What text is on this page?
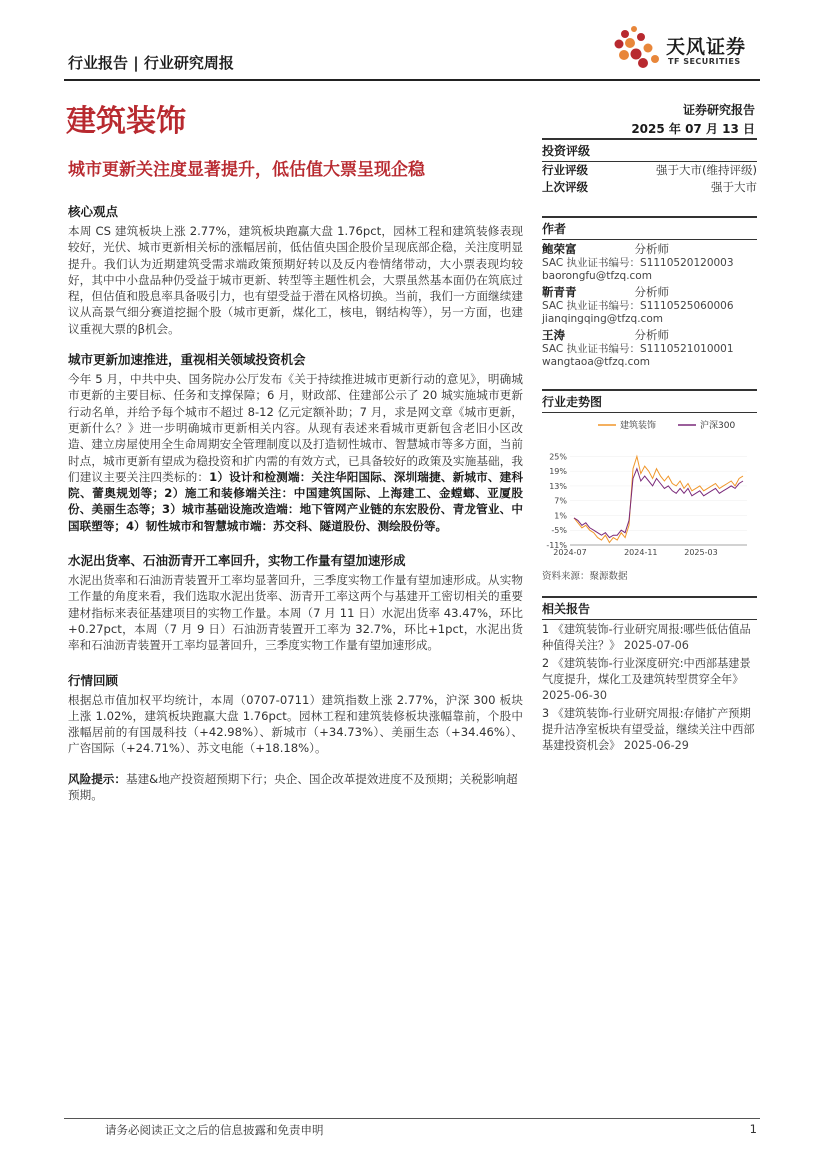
行业报告 | 行业研究周报
天风证券
TF SECURITIES
建筑装饰	证券研究报告
2025 年 07 月 13 日
城市更新关注度显著提升，低估值大票呈现企稳
核心观点

本周 CS 建筑板块上涨 2.77%，建筑板块跑赢大盘 1.76pct，园林工程和建筑装修表现较好，光伏、城市更新相关标的涨幅居前，低估值央国企股价呈现底部企稳，关注度明显提升。我们认为近期建筑受需求端政策预期好转以及反内卷情绪带动，大小票表现均较好，其中中小盘品种仍受益于城市更新、转型等主题性机会，大票虽然基本面仍在筑底过程，但估值和股息率具备吸引力，也有望受益于潜在风格切换。当前，我们一方面继续建议从高景气细分赛道挖掘个股（城市更新，煤化工，核电，钢结构等），另一方面，也建议重视大票的β机会。

城市更新加速推进，重视相关领域投资机会

今年 5 月，中共中央、国务院办公厅发布《关于持续推进城市更新行动的意见》，明确城市更新的主要目标、任务和支撑保障；6 月，财政部、住建部公示了 20 城实施城市更新行动名单，并给予每个城市不超过 8-12 亿元定额补助；7 月，求是网文章《城市更新，更新什么？》进一步明确城市更新相关内容。从现有表述来看城市更新包含老旧小区改造、建立房屋使用全生命周期安全管理制度以及打造韧性城市、智慧城市等多方面，当前时点，城市更新有望成为稳投资和扩内需的有效方式，已具备较好的政策及实施基础，我们建议主要关注四类标的：1）设计和检测端：关注华阳国际、深圳瑞捷、新城市、建科院、蕾奥规划等；2）施工和装修端关注：中国建筑国际、上海建工、金螳螂、亚厦股份、美丽生态等；3）城市基础设施改造端：地下管网产业链的东宏股份、青龙管业、中国联塑等；4）韧性城市和智慧城市端：苏交科、隧道股份、测绘股份等。

水泥出货率、石油沥青开工率回升，实物工作量有望加速形成

水泥出货率和石油沥青装置开工率均显著回升，三季度实物工作量有望加速形成。从实物工作量的角度来看，我们选取水泥出货率、沥青开工率这两个与基建开工密切相关的重要建材指标来表征基建项目的实物工作量。本周（7 月 11 日）水泥出货率 43.47%，环比+0.27pct，本周（7 月 9 日）石油沥青装置开工率为 32.7%，环比+1pct，水泥出货率和石油沥青装置开工率均显著回升，三季度实物工作量有望加速形成。

行情回顾

根据总市值加权平均统计，本周（0707-0711）建筑指数上涨 2.77%，沪深 300 板块上涨 1.02%，建筑板块跑赢大盘 1.76pct。园林工程和建筑装修板块涨幅靠前，个股中涨幅居前的有国晟科技（+42.98%）、新城市（+34.73%）、美丽生态（+34.46%）、广咨国际（+24.71%）、苏文电能（+18.18%）。

风险提示：基建&地产投资超预期下行；央企、国企改革提效进度不及预期；关税影响超预期。
投资评级
行业评级	强于大市(维持评级)
上次评级	强于大市
作者
鲍荣富	分析师
SAC 执业证书编号：S1110520120003
baorongfu@tfzq.com
靳青青	分析师
SAC 执业证书编号：S1110525060006
jianqingqing@tfzq.com
王涛	分析师
SAC 执业证书编号：S1110521010001
wangtaoa@tfzq.com
行业走势图
建筑装饰	沪深300
25%
19%
13%
7%
1%
-5%
-11%
2024-07	2024-11	2025-03
资料来源：聚源数据
相关报告
1 《建筑装饰-行业研究周报:哪些低估值品种值得关注？》 2025-07-06
2 《建筑装饰-行业深度研究:中西部基建景气度提升，煤化工及建筑转型贯穿全年》 2025-06-30
3 《建筑装饰-行业研究周报:存储扩产预期提升洁净室板块有望受益，继续关注中西部基建投资机会》 2025-06-29
请务必阅读正文之后的信息披露和免责申明	1
